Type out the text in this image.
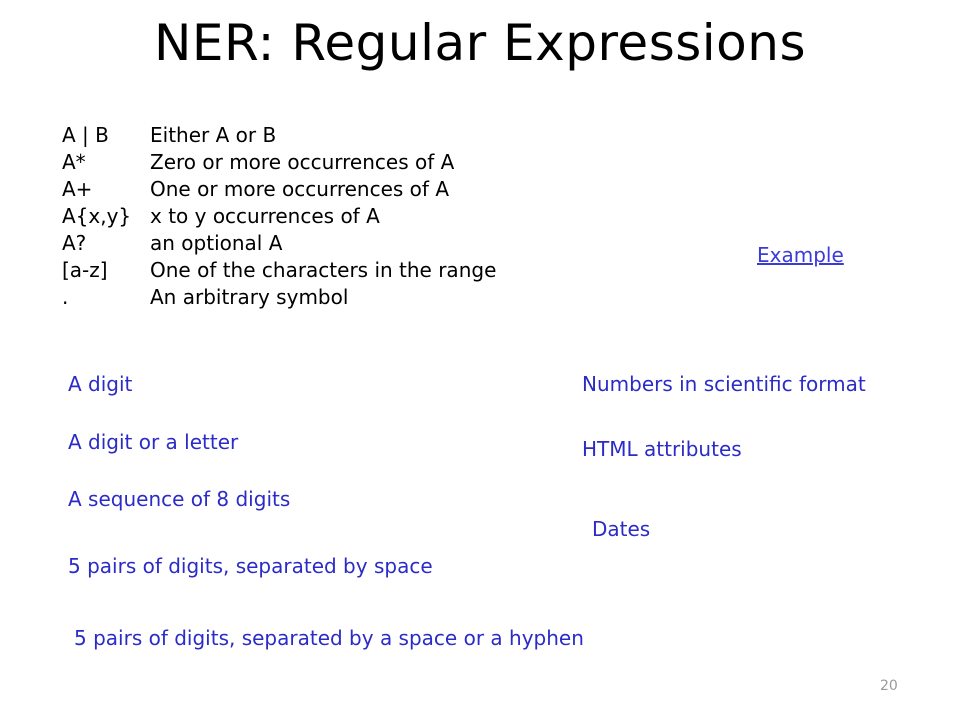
NER: Regular Expressions
A | B Either A or B
A*	Zero or more occurrences of A
A+	One or more occurrences of A
A{x,y} x to y occurrences of A
A?	an optional A
[a-z] One of the characters in the range
.	An arbitrary symbol
Example
A digit
A digit or a letter
A sequence of 8 digits
5 pairs of digits, separated by space
5 pairs of digits, separated by a space or a hyphen
Numbers in scientific format
HTML attributes
Dates
20
